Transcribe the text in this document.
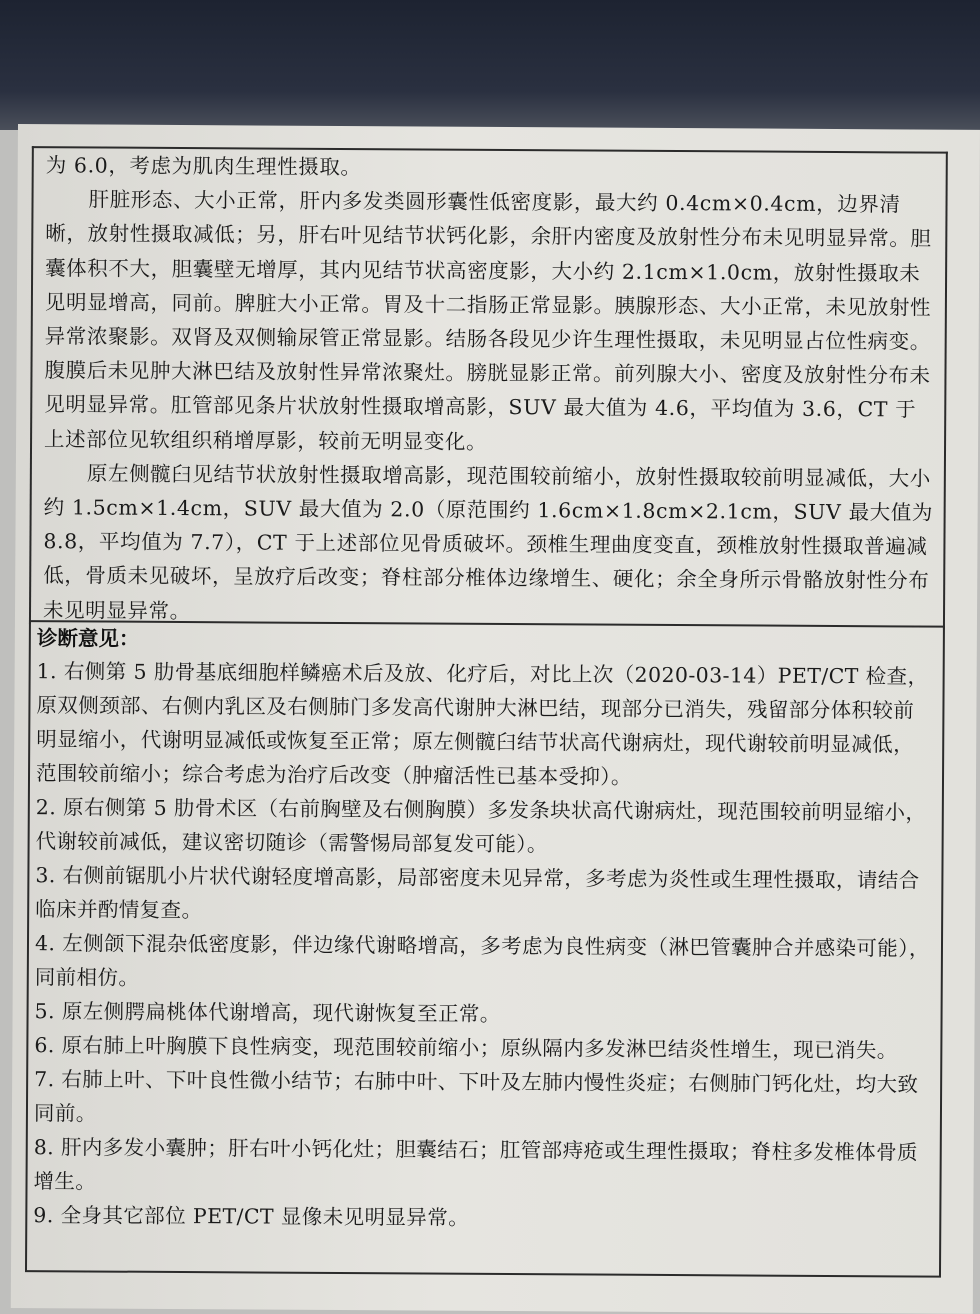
为 6.0，考虑为肌肉生理性摄取。

肝脏形态、大小正常，肝内多发类圆形囊性低密度影，最大约 0.4cm×0.4cm，边界清晰，放射性摄取减低；另，肝右叶见结节状钙化影，余肝内密度及放射性分布未见明显异常。胆囊体积不大，胆囊壁无增厚，其内见结节状高密度影，大小约 2.1cm×1.0cm，放射性摄取未见明显增高，同前。脾脏大小正常。胃及十二指肠正常显影。胰腺形态、大小正常，未见放射性异常浓聚影。双肾及双侧输尿管正常显影。结肠各段见少许生理性摄取，未见明显占位性病变。腹膜后未见肿大淋巴结及放射性异常浓聚灶。膀胱显影正常。前列腺大小、密度及放射性分布未见明显异常。肛管部见条片状放射性摄取增高影，SUV 最大值为 4.6，平均值为 3.6，CT 于上述部位见软组织稍增厚影，较前无明显变化。

原左侧髋臼见结节状放射性摄取增高影，现范围较前缩小，放射性摄取较前明显减低，大小约 1.5cm×1.4cm，SUV 最大值为 2.0（原范围约 1.6cm×1.8cm×2.1cm，SUV 最大值为 8.8，平均值为 7.7），CT 于上述部位见骨质破坏。颈椎生理曲度变直，颈椎放射性摄取普遍减低，骨质未见破坏，呈放疗后改变；脊柱部分椎体边缘增生、硬化；余全身所示骨骼放射性分布未见明显异常。

诊断意见：

1. 右侧第 5 肋骨基底细胞样鳞癌术后及放、化疗后，对比上次（2020-03-14）PET/CT 检查，原双侧颈部、右侧内乳区及右侧肺门多发高代谢肿大淋巴结，现部分已消失，残留部分体积较前明显缩小，代谢明显减低或恢复至正常；原左侧髋臼结节状高代谢病灶，现代谢较前明显减低，范围较前缩小；综合考虑为治疗后改变（肿瘤活性已基本受抑）。

2. 原右侧第 5 肋骨术区（右前胸壁及右侧胸膜）多发条块状高代谢病灶，现范围较前明显缩小，代谢较前减低，建议密切随诊（需警惕局部复发可能）。

3. 右侧前锯肌小片状代谢轻度增高影，局部密度未见异常，多考虑为炎性或生理性摄取，请结合临床并酌情复查。

4. 左侧颌下混杂低密度影，伴边缘代谢略增高，多考虑为良性病变（淋巴管囊肿合并感染可能），同前相仿。

5. 原左侧腭扁桃体代谢增高，现代谢恢复至正常。

6. 原右肺上叶胸膜下良性病变，现范围较前缩小；原纵隔内多发淋巴结炎性增生，现已消失。

7. 右肺上叶、下叶良性微小结节；右肺中叶、下叶及左肺内慢性炎症；右侧肺门钙化灶，均大致同前。

8. 肝内多发小囊肿；肝右叶小钙化灶；胆囊结石；肛管部痔疮或生理性摄取；脊柱多发椎体骨质增生。

9. 全身其它部位 PET/CT 显像未见明显异常。
